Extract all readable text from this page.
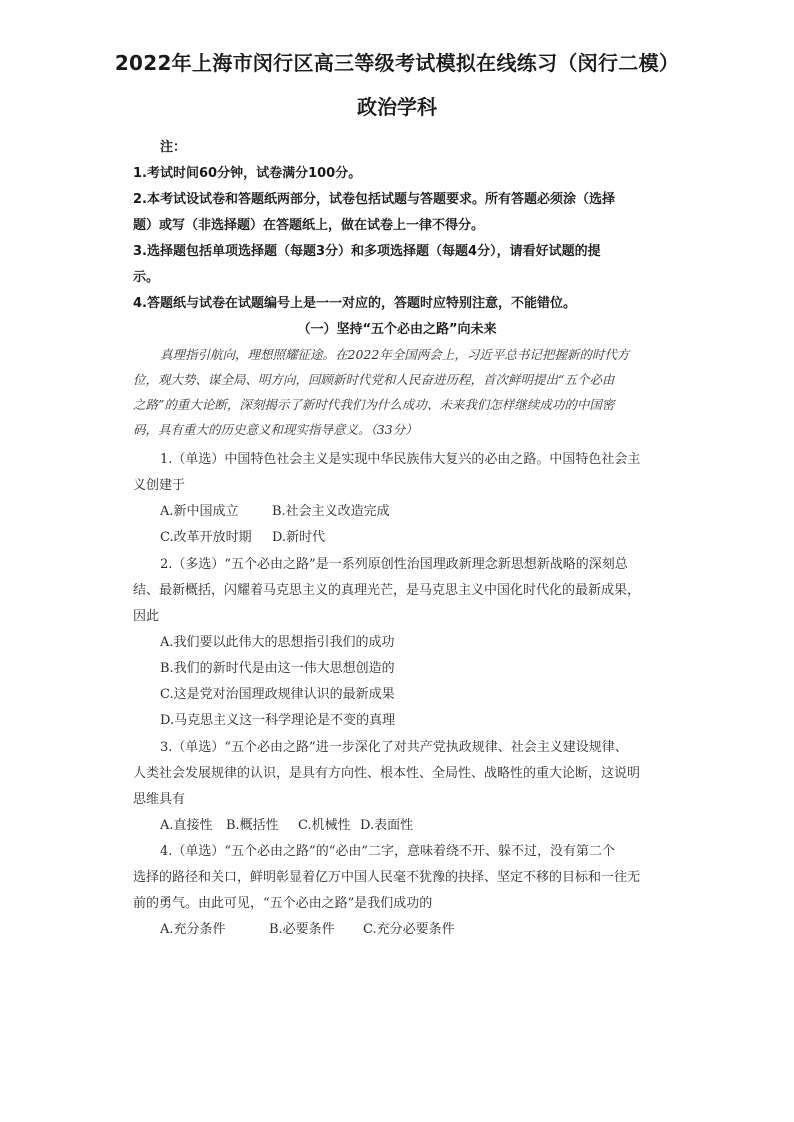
2022年上海市闵行区高三等级考试模拟在线练习（闵行二模）
政治学科
注：
1.考试时间60分钟，试卷满分100分。
2.本考试设试卷和答题纸两部分，试卷包括试题与答题要求。所有答题必须涂（选择
题）或写（非选择题）在答题纸上，做在试卷上一律不得分。
3.选择题包括单项选择题（每题3分）和多项选择题（每题4分），请看好试题的提
示。
4.答题纸与试卷在试题编号上是一一对应的，答题时应特别注意，不能错位。
（一）坚持“五个必由之路”向未来
真理指引航向，理想照耀征途。在2022年全国两会上，习近平总书记把握新的时代方
位，观大势、谋全局、明方向，回顾新时代党和人民奋进历程，首次鲜明提出“五个必由
之路”的重大论断，深刻揭示了新时代我们为什么成功、未来我们怎样继续成功的中国密
码，具有重大的历史意义和现实指导意义。（33分）
1.（单选）中国特色社会主义是实现中华民族伟大复兴的必由之路。中国特色社会主
义创建于
A.新中国成立	B.社会主义改造完成
C.改革开放时期 D.新时代
2.（多选）“五个必由之路”是一系列原创性治国理政新理念新思想新战略的深刻总
结、最新概括，闪耀着马克思主义的真理光芒，是马克思主义中国化时代化的最新成果，
因此
A.我们要以此伟大的思想指引我们的成功
B.我们的新时代是由这一伟大思想创造的
C.这是党对治国理政规律认识的最新成果
D.马克思主义这一科学理论是不变的真理
3.（单选）“五个必由之路”进一步深化了对共产党执政规律、社会主义建设规律、
人类社会发展规律的认识，是具有方向性、根本性、全局性、战略性的重大论断，这说明
思维具有
A.直接性 B.概括性 C.机械性 D.表面性
4.（单选）“五个必由之路”的“必由”二字，意味着绕不开、躲不过，没有第二个
选择的路径和关口，鲜明彰显着亿万中国人民毫不犹豫的抉择、坚定不移的目标和一往无
前的勇气。由此可见，“五个必由之路”是我们成功的
A.充分条件	B.必要条件 C.充分必要条件
